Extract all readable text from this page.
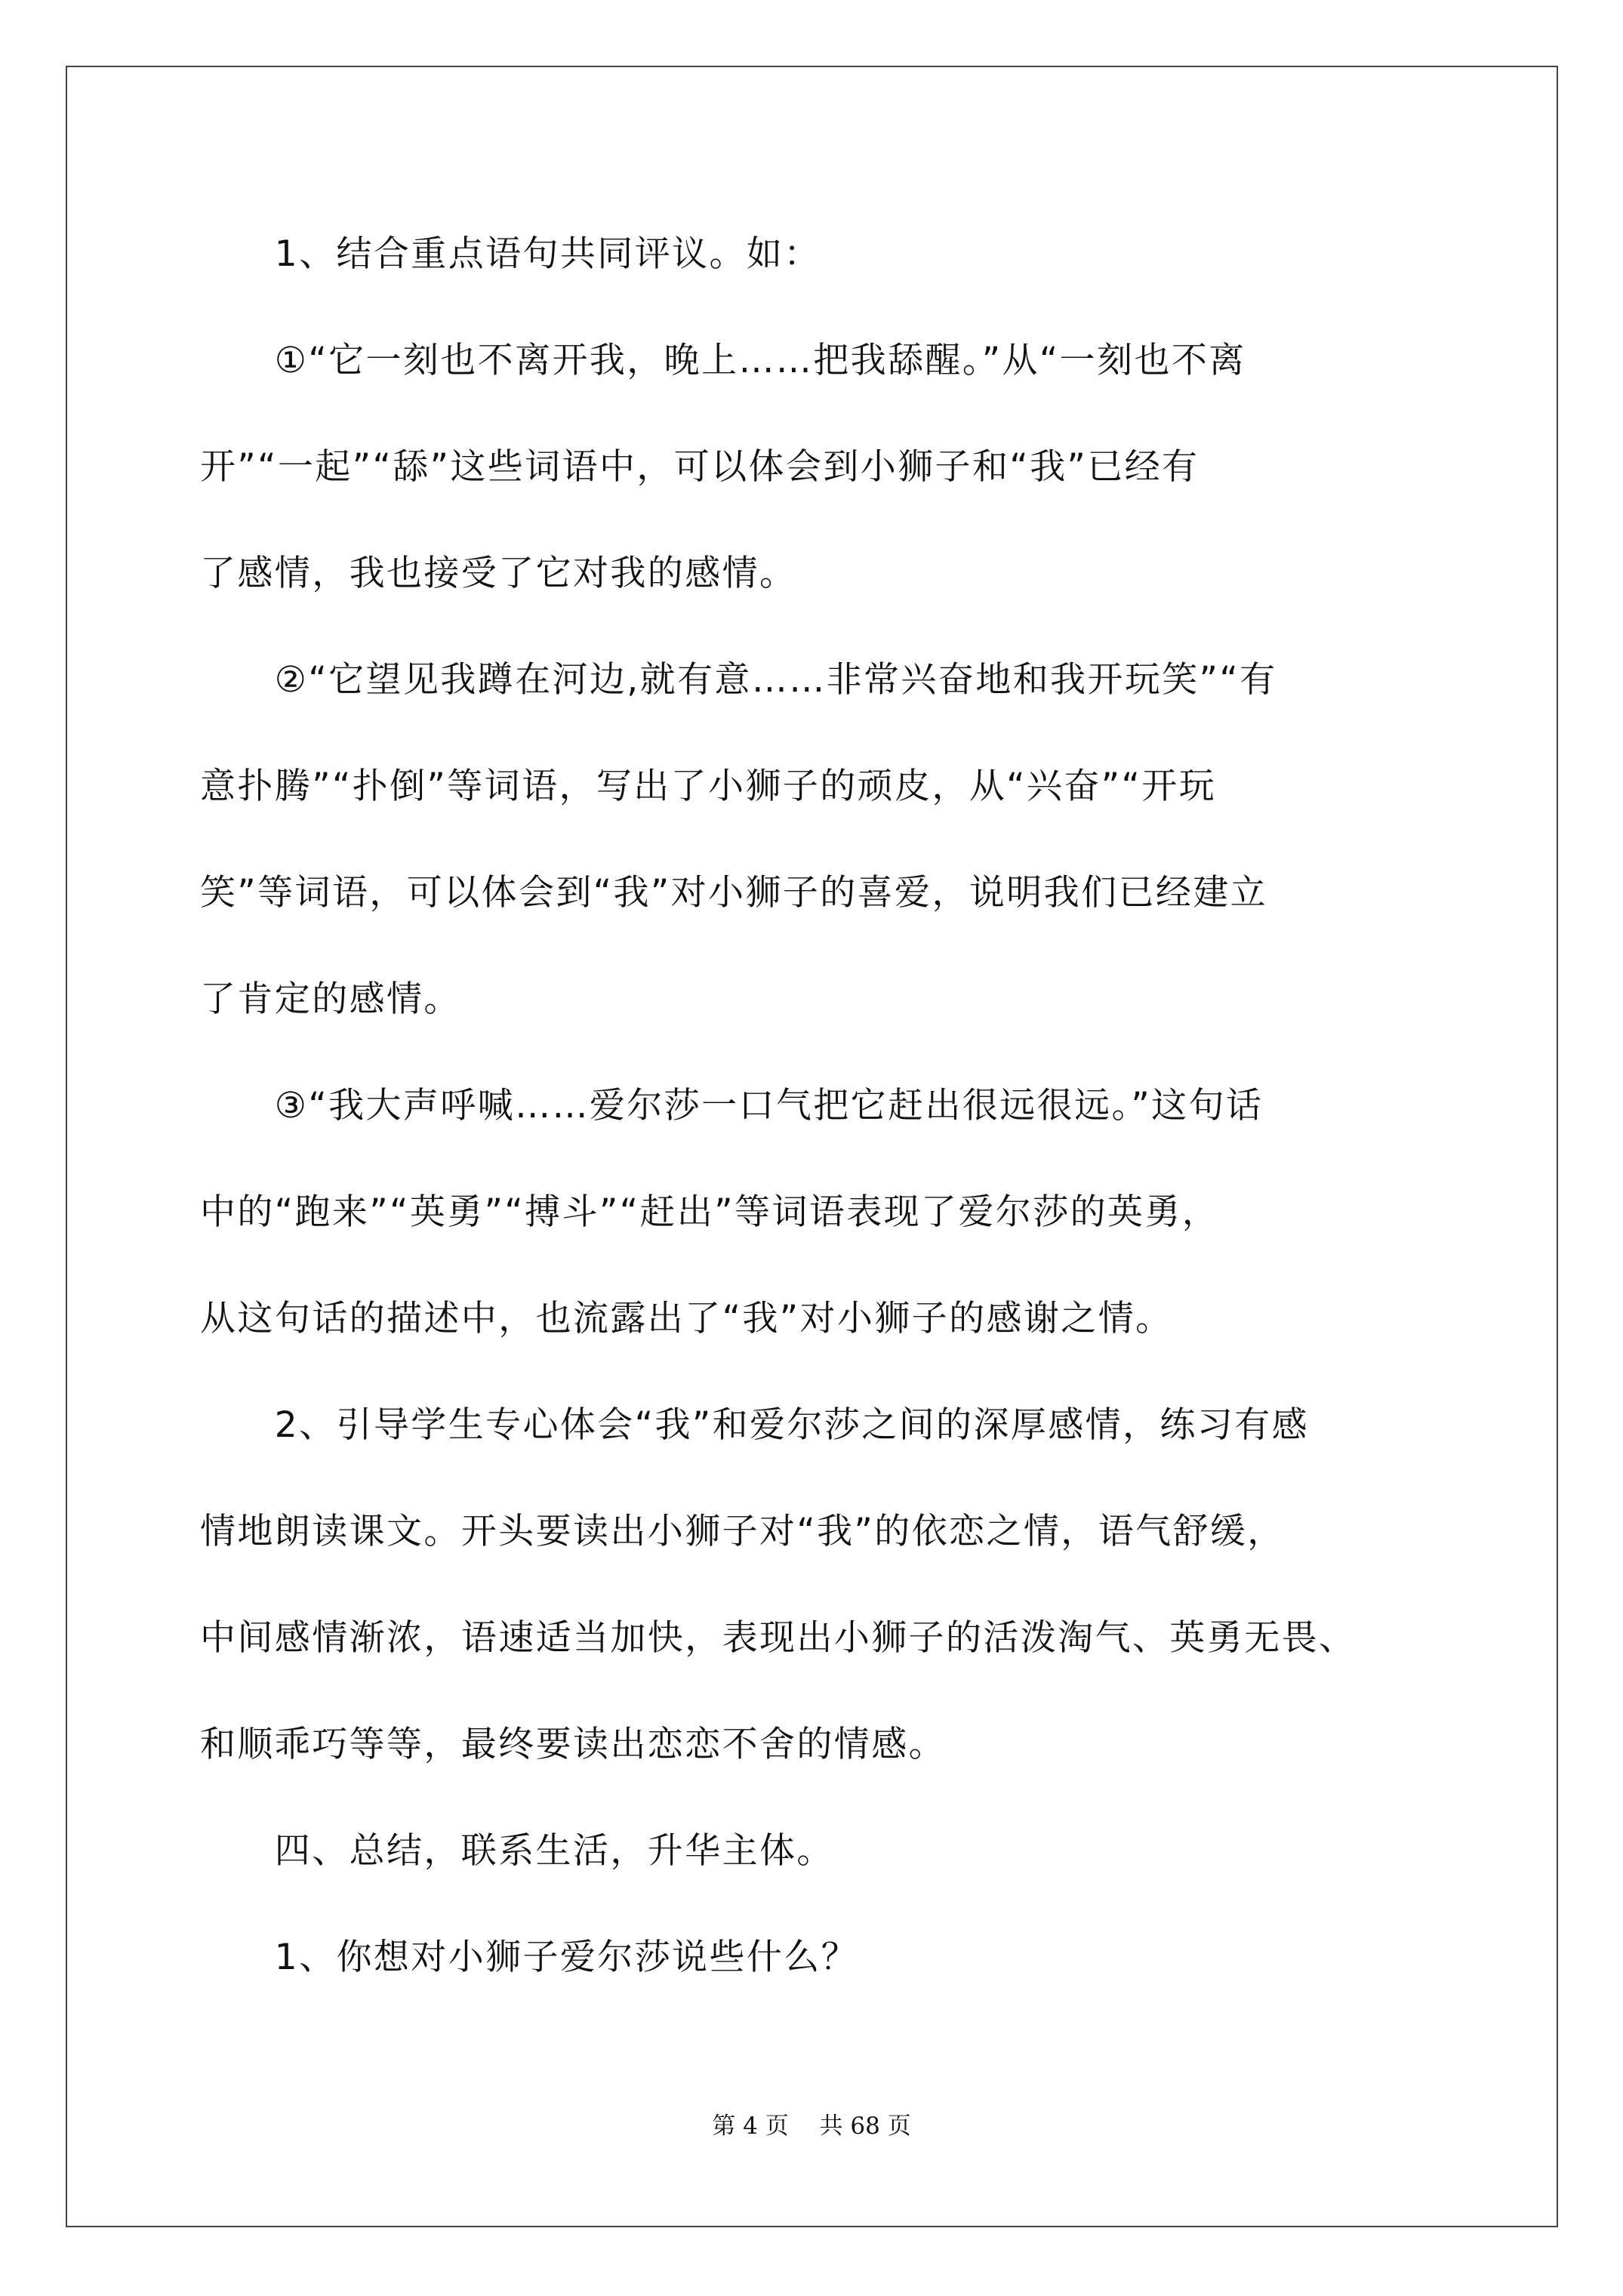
　　1、结合重点语句共同评议。如：
　　①“它一刻也不离开我，晚上……把我舔醒。”从“一刻也不离
开”“一起”“舔”这些词语中，可以体会到小狮子和“我”已经有
了感情，我也接受了它对我的感情。
　　②“它望见我蹲在河边,就有意……非常兴奋地和我开玩笑”“有
意扑腾”“扑倒”等词语，写出了小狮子的顽皮，从“兴奋”“开玩
笑”等词语，可以体会到“我”对小狮子的喜爱，说明我们已经建立
了肯定的感情。
　　③“我大声呼喊……爱尔莎一口气把它赶出很远很远。”这句话
中的“跑来”“英勇”“搏斗”“赶出”等词语表现了爱尔莎的英勇，
从这句话的描述中，也流露出了“我”对小狮子的感谢之情。
　　2、引导学生专心体会“我”和爱尔莎之间的深厚感情，练习有感
情地朗读课文。开头要读出小狮子对“我”的依恋之情，语气舒缓，
中间感情渐浓，语速适当加快，表现出小狮子的活泼淘气、英勇无畏、
和顺乖巧等等，最终要读出恋恋不舍的情感。
　　四、总结，联系生活，升华主体。
　　1、你想对小狮子爱尔莎说些什么？
第 4 页　 共 68 页
